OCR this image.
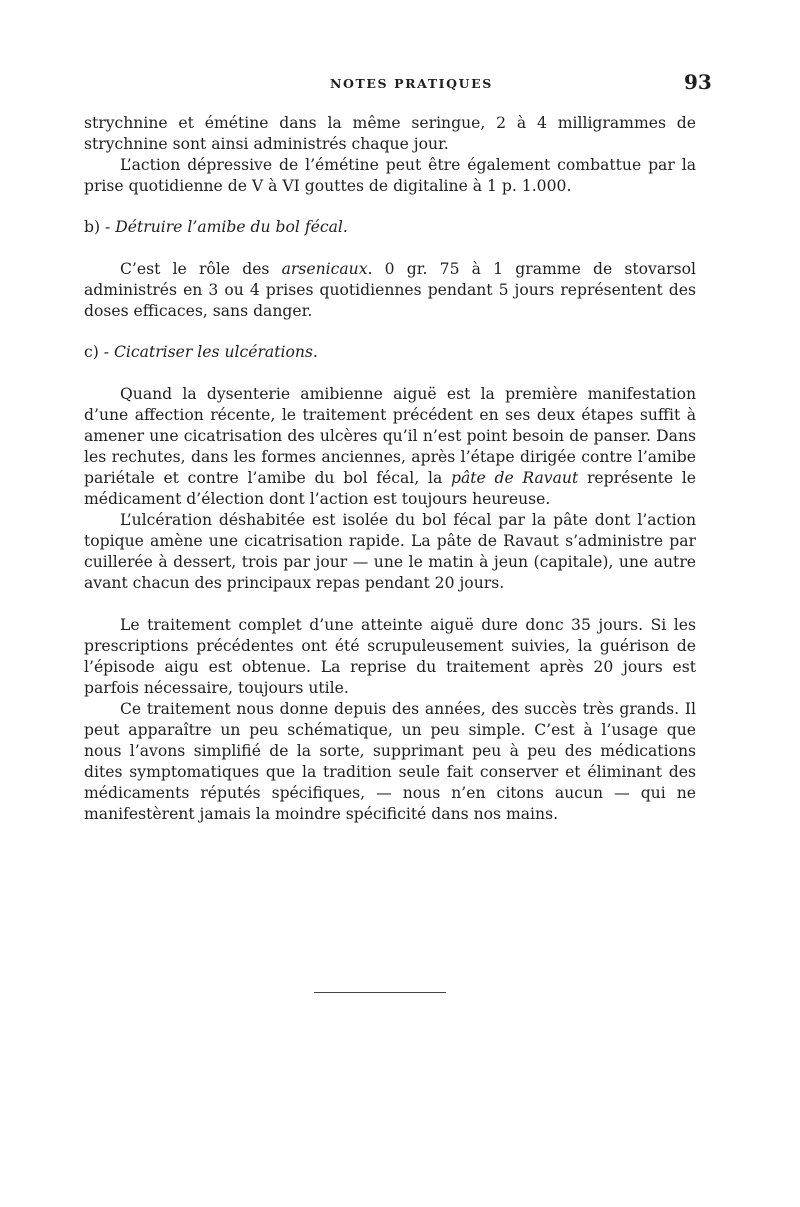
NOTES PRATIQUES	93

strychnine et émétine dans la même seringue, 2 à 4 milligrammes de strychnine sont ainsi administrés chaque jour.

L’action dépressive de l’émétine peut être également combattue par la prise quotidienne de V à VI gouttes de digitaline à 1 p. 1.000.

b) - Détruire l’amibe du bol fécal.

C’est le rôle des arsenicaux. 0 gr. 75 à 1 gramme de stovarsol administrés en 3 ou 4 prises quotidiennes pendant 5 jours représentent des doses efficaces, sans danger.

c) - Cicatriser les ulcérations.

Quand la dysenterie amibienne aiguë est la première manifestation d’une affection récente, le traitement précédent en ses deux étapes suffit à amener une cicatrisation des ulcères qu’il n’est point besoin de panser. Dans les rechutes, dans les formes anciennes, après l’étape dirigée contre l’amibe pariétale et contre l’amibe du bol fécal, la pâte de Ravaut représente le médicament d’élection dont l’action est toujours heureuse.

L’ulcération déshabitée est isolée du bol fécal par la pâte dont l’action topique amène une cicatrisation rapide. La pâte de Ravaut s’administre par cuillerée à dessert, trois par jour — une le matin à jeun (capitale), une autre avant chacun des principaux repas pendant 20 jours.

Le traitement complet d’une atteinte aiguë dure donc 35 jours. Si les prescriptions précédentes ont été scrupuleusement suivies, la guérison de l’épisode aigu est obtenue. La reprise du traitement après 20 jours est parfois nécessaire, toujours utile.

Ce traitement nous donne depuis des années, des succès très grands. Il peut apparaître un peu schématique, un peu simple. C’est à l’usage que nous l’avons simplifié de la sorte, supprimant peu à peu des médications dites symptomatiques que la tradition seule fait conserver et éliminant des médicaments réputés spécifiques, — nous n’en citons aucun — qui ne manifestèrent jamais la moindre spécificité dans nos mains.
